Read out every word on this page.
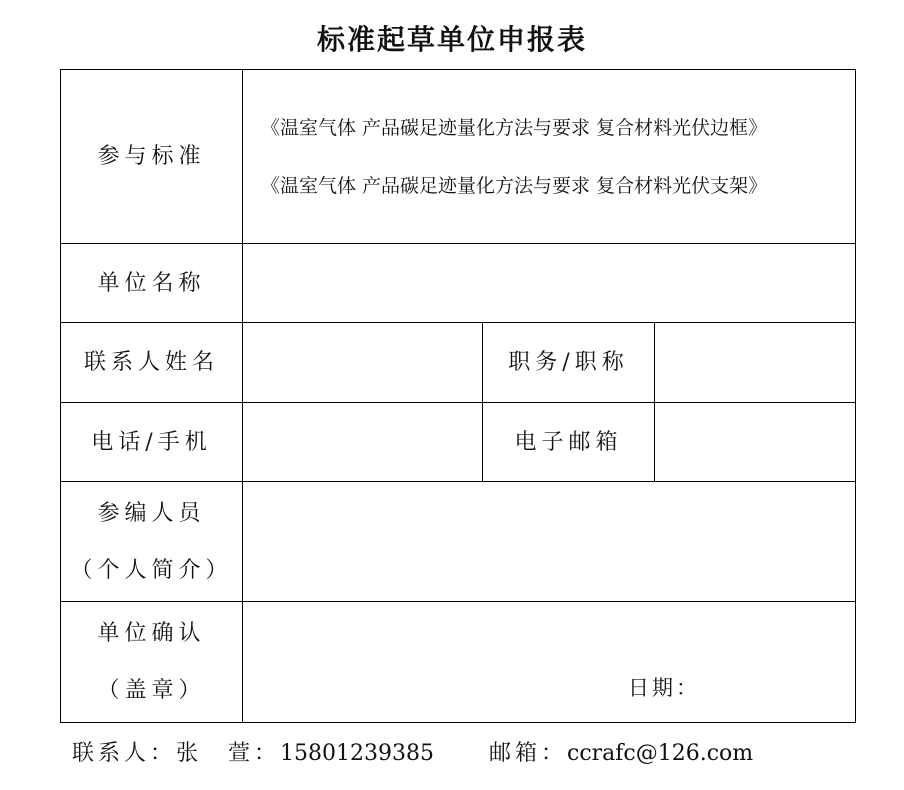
标准起草单位申报表
参与标准	《温室气体 产品碳足迹量化方法与要求 复合材料光伏边框》
《温室气体 产品碳足迹量化方法与要求 复合材料光伏支架》		

单位名称			

联系人姓名		职务/职称	

电话/手机		电子邮箱	

参编人员
（个人简介）			

单位确认
（盖章）	日期：		
联系人：张　萱：15801239385	邮箱：ccrafc@126.com
